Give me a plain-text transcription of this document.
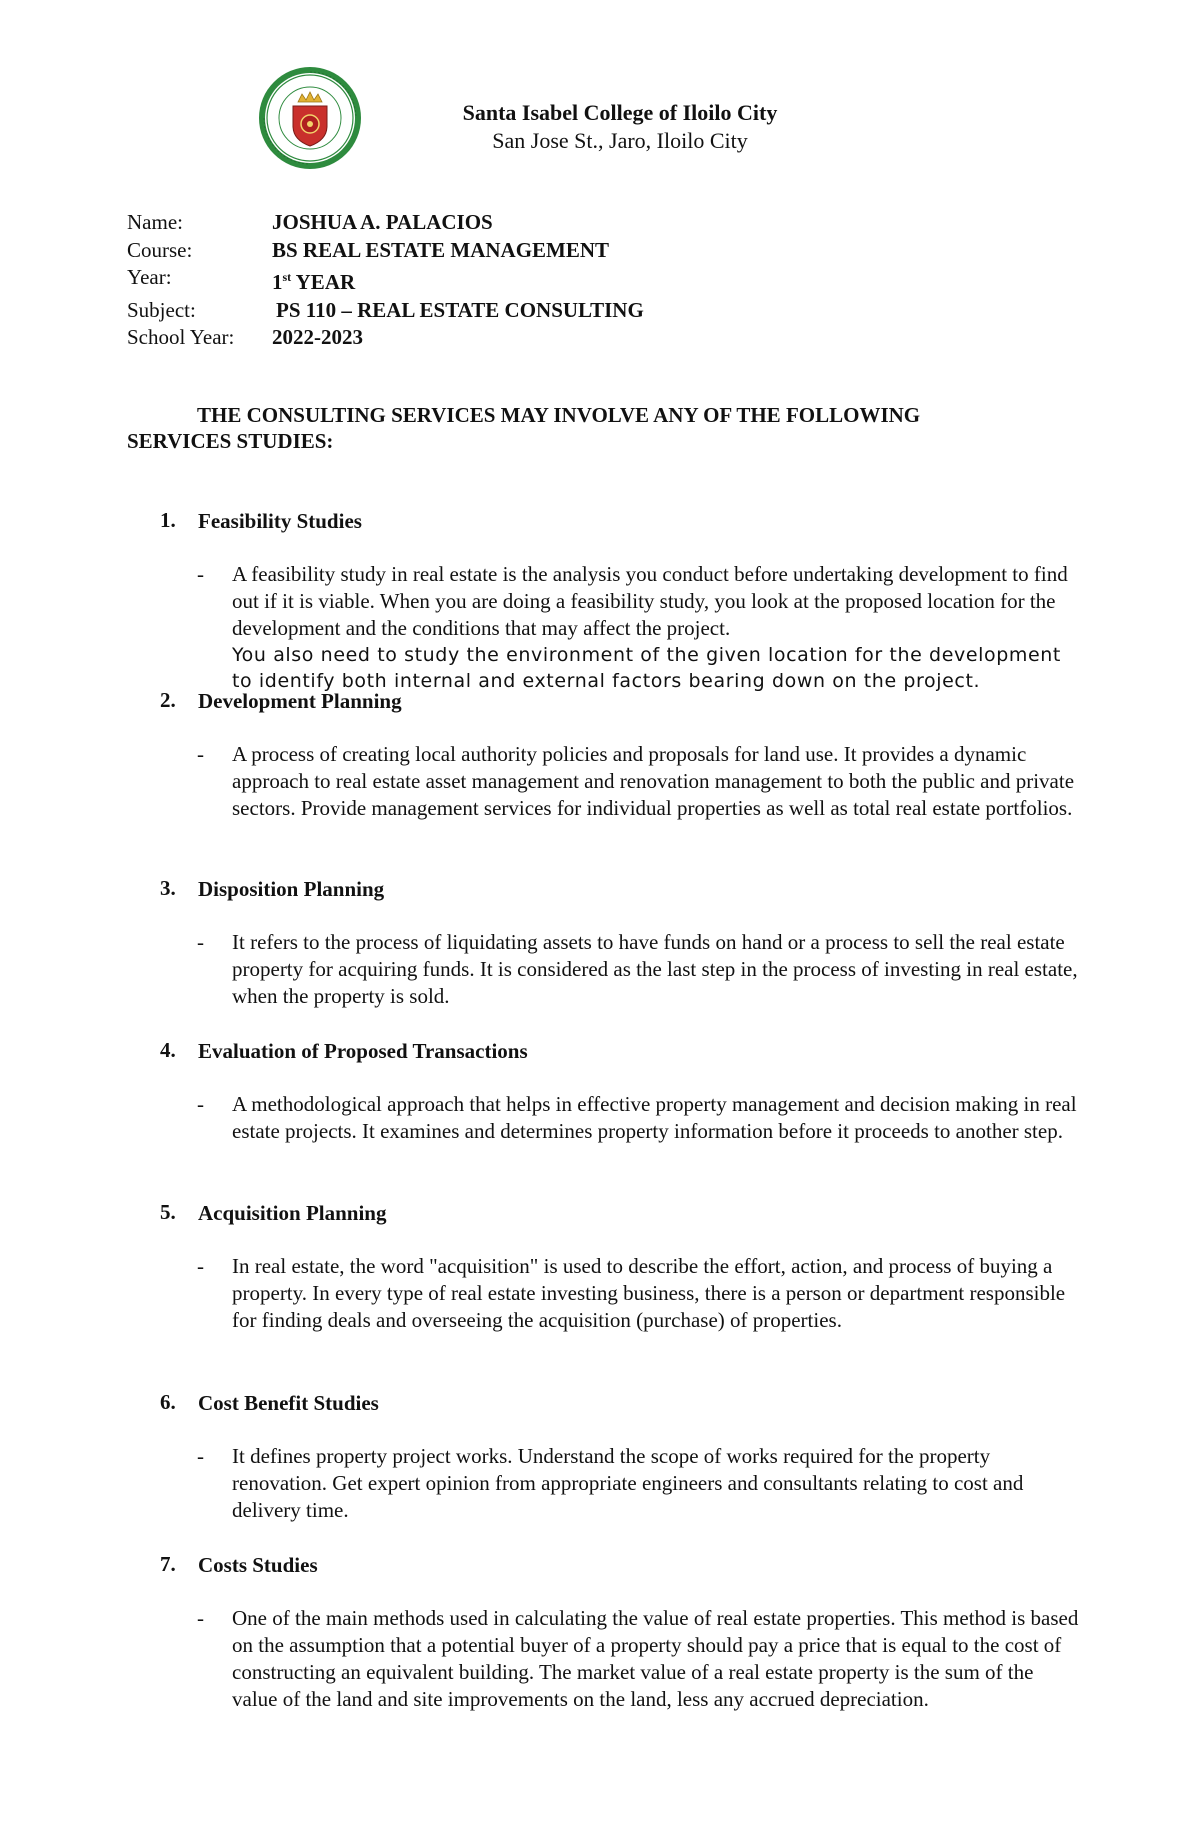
Santa Isabel College of Iloilo City
San Jose St., Jaro, Iloilo City
Name:	JOSHUA A. PALACIOS
Course:	BS REAL ESTATE MANAGEMENT
Year:	1st YEAR
Subject:	PS 110 – REAL ESTATE CONSULTING
School Year:	2022-2023

THE CONSULTING SERVICES MAY INVOLVE ANY OF THE FOLLOWING SERVICES STUDIES:

1. Feasibility Studies

- A feasibility study in real estate is the analysis you conduct before undertaking development to find out if it is viable. When you are doing a feasibility study, you look at the proposed location for the development and the conditions that may affect the project.
You also need to study the environment of the given location for the development to identify both internal and external factors bearing down on the project.
2. Development Planning

- A process of creating local authority policies and proposals for land use. It provides a dynamic approach to real estate asset management and renovation management to both the public and private sectors. Provide management services for individual properties as well as total real estate portfolios.
3. Disposition Planning

- It refers to the process of liquidating assets to have funds on hand or a process to sell the real estate property for acquiring funds. It is considered as the last step in the process of investing in real estate, when the property is sold.
4. Evaluation of Proposed Transactions

- A methodological approach that helps in effective property management and decision making in real estate projects. It examines and determines property information before it proceeds to another step.
5. Acquisition Planning

- In real estate, the word "acquisition" is used to describe the effort, action, and process of buying a property. In every type of real estate investing business, there is a person or department responsible for finding deals and overseeing the acquisition (purchase) of properties.
6. Cost Benefit Studies

- It defines property project works. Understand the scope of works required for the property renovation. Get expert opinion from appropriate engineers and consultants relating to cost and delivery time.
7. Costs Studies

- One of the main methods used in calculating the value of real estate properties. This method is based on the assumption that a potential buyer of a property should pay a price that is equal to the cost of constructing an equivalent building. The market value of a real estate property is the sum of the value of the land and site improvements on the land, less any accrued depreciation.
